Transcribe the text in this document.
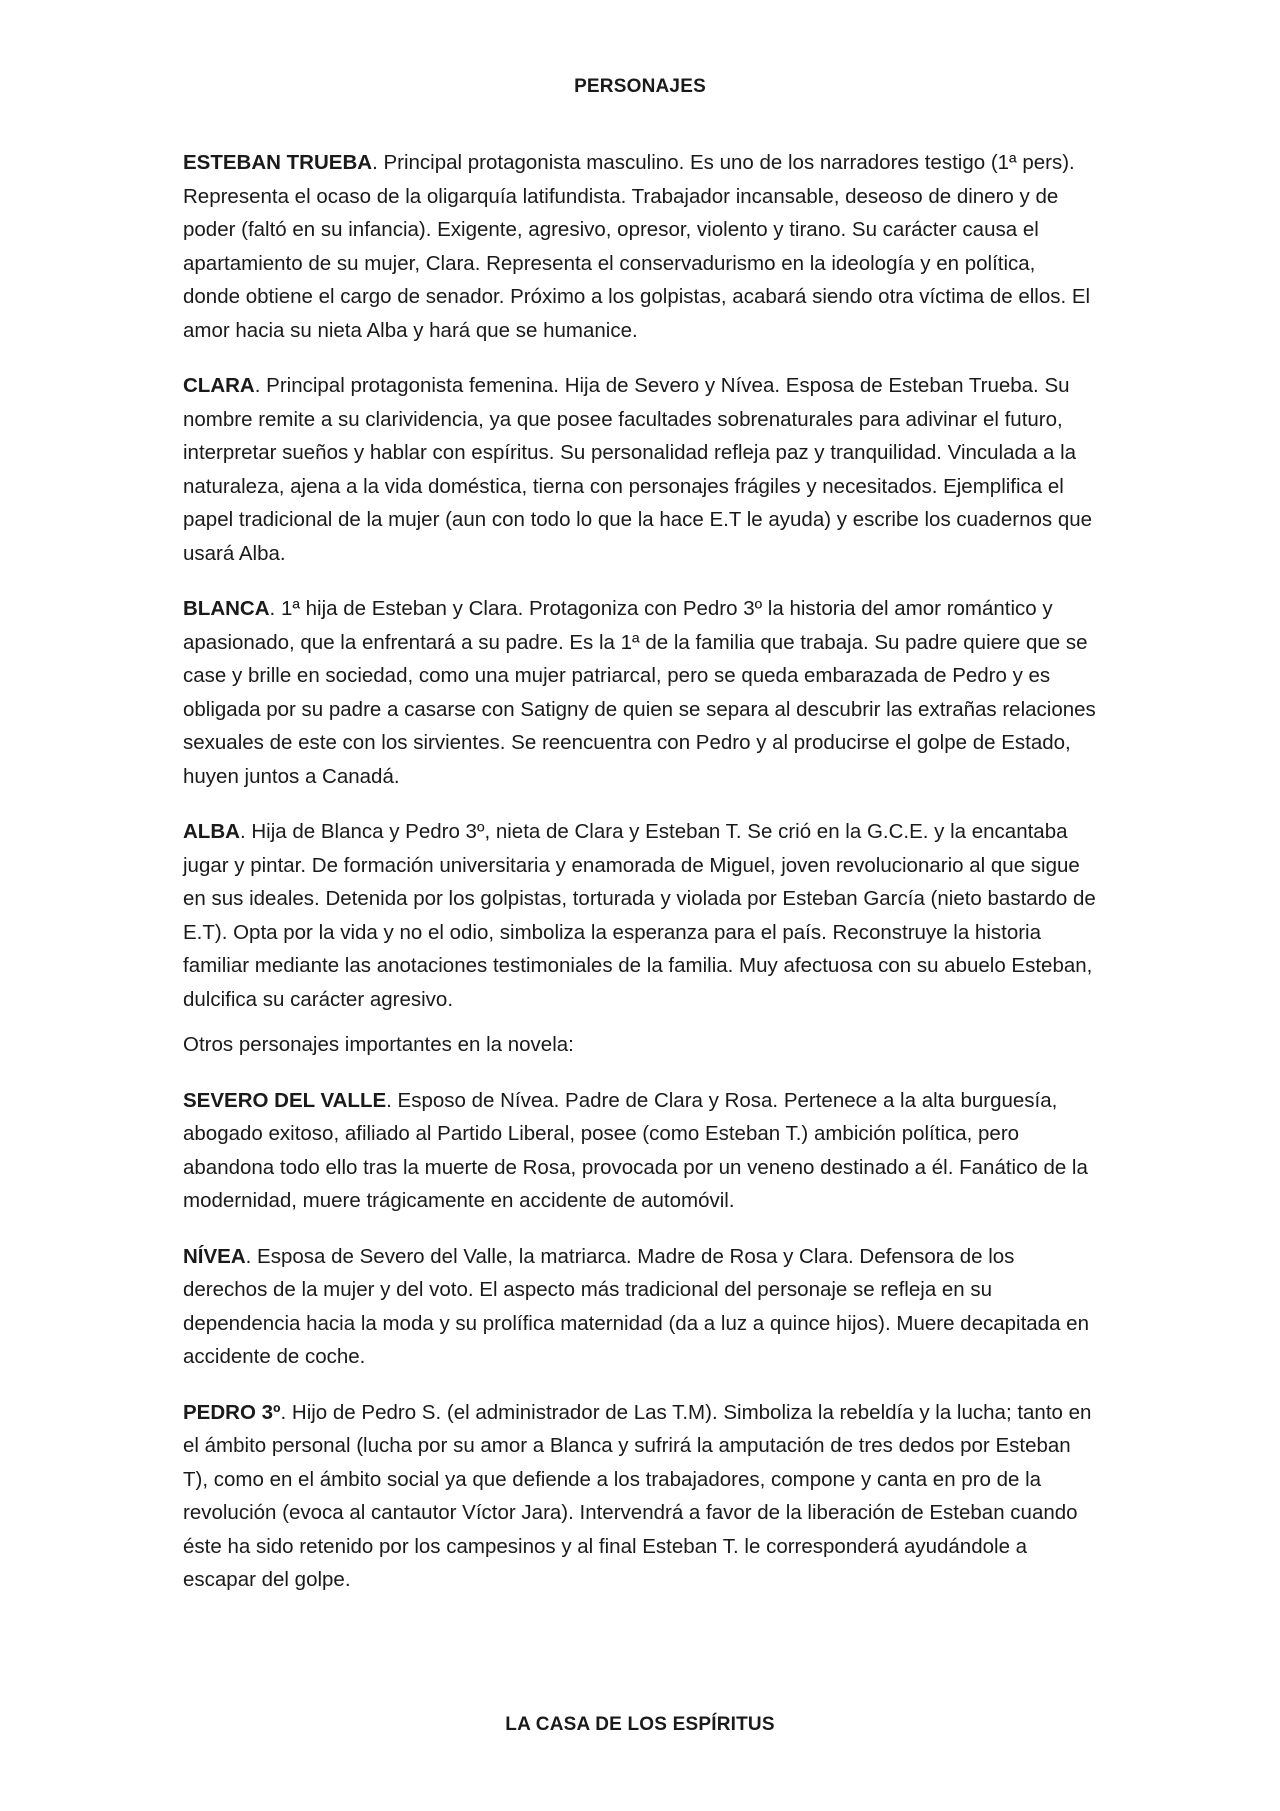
PERSONAJES

ESTEBAN TRUEBA. Principal protagonista masculino. Es uno de los narradores testigo (1ª pers). Representa el ocaso de la oligarquía latifundista. Trabajador incansable, deseoso de dinero y de poder (faltó en su infancia). Exigente, agresivo, opresor, violento y tirano. Su carácter causa el apartamiento de su mujer, Clara. Representa el conservadurismo en la ideología y en política, donde obtiene el cargo de senador. Próximo a los golpistas, acabará siendo otra víctima de ellos. El amor hacia su nieta Alba y hará que se humanice.

CLARA. Principal protagonista femenina. Hija de Severo y Nívea. Esposa de Esteban Trueba. Su nombre remite a su clarividencia, ya que posee facultades sobrenaturales para adivinar el futuro, interpretar sueños y hablar con espíritus. Su personalidad refleja paz y tranquilidad. Vinculada a la naturaleza, ajena a la vida doméstica, tierna con personajes frágiles y necesitados. Ejemplifica el papel tradicional de la mujer (aun con todo lo que la hace E.T le ayuda) y escribe los cuadernos que usará Alba.

BLANCA. 1ª hija de Esteban y Clara. Protagoniza con Pedro 3º la historia del amor romántico y apasionado, que la enfrentará a su padre. Es la 1ª de la familia que trabaja. Su padre quiere que se case y brille en sociedad, como una mujer patriarcal, pero se queda embarazada de Pedro y es obligada por su padre a casarse con Satigny de quien se separa al descubrir las extrañas relaciones sexuales de este con los sirvientes. Se reencuentra con Pedro y al producirse el golpe de Estado, huyen juntos a Canadá.

ALBA. Hija de Blanca y Pedro 3º, nieta de Clara y Esteban T. Se crió en la G.C.E. y la encantaba jugar y pintar. De formación universitaria y enamorada de Miguel, joven revolucionario al que sigue en sus ideales. Detenida por los golpistas, torturada y violada por Esteban García (nieto bastardo de E.T). Opta por la vida y no el odio, simboliza la esperanza para el país. Reconstruye la historia familiar mediante las anotaciones testimoniales de la familia. Muy afectuosa con su abuelo Esteban, dulcifica su carácter agresivo.

Otros personajes importantes en la novela:

SEVERO DEL VALLE. Esposo de Nívea. Padre de Clara y Rosa. Pertenece a la alta burguesía, abogado exitoso, afiliado al Partido Liberal, posee (como Esteban T.) ambición política, pero abandona todo ello tras la muerte de Rosa, provocada por un veneno destinado a él. Fanático de la modernidad, muere trágicamente en accidente de automóvil.

NÍVEA. Esposa de Severo del Valle, la matriarca. Madre de Rosa y Clara. Defensora de los derechos de la mujer y del voto. El aspecto más tradicional del personaje se refleja en su dependencia hacia la moda y su prolífica maternidad (da a luz a quince hijos). Muere decapitada en accidente de coche.

PEDRO 3º. Hijo de Pedro S. (el administrador de Las T.M). Simboliza la rebeldía y la lucha; tanto en el ámbito personal (lucha por su amor a Blanca y sufrirá la amputación de tres dedos por Esteban T), como en el ámbito social ya que defiende a los trabajadores, compone y canta en pro de la revolución (evoca al cantautor Víctor Jara). Intervendrá a favor de la liberación de Esteban cuando éste ha sido retenido por los campesinos y al final Esteban T. le corresponderá ayudándole a escapar del golpe.

LA CASA DE LOS ESPÍRITUS
